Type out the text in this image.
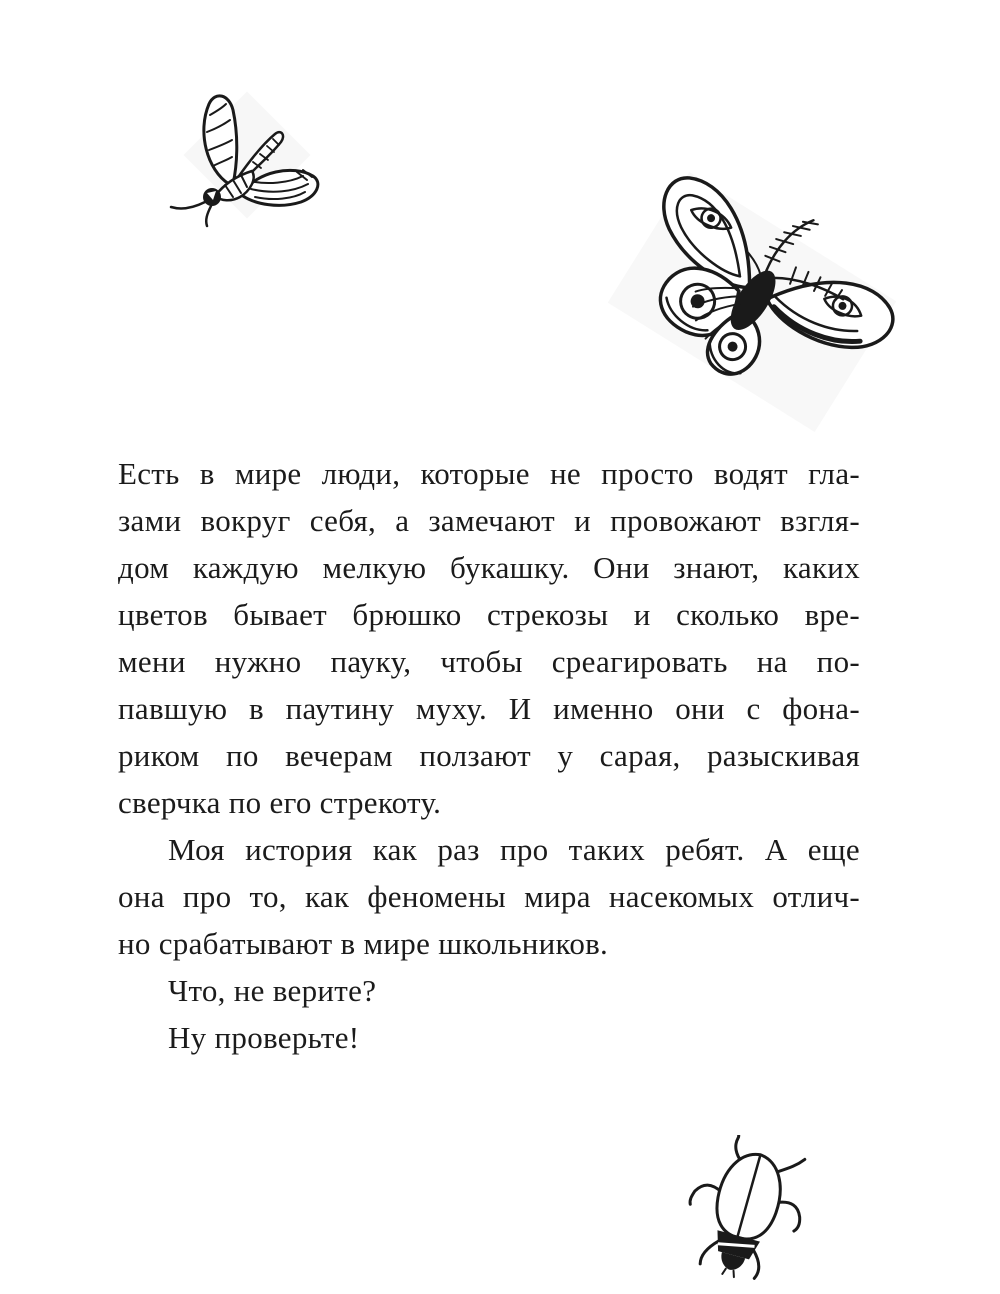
Есть в мире люди, которые не просто водят гла-
зами вокруг себя, а замечают и провожают взгля-
дом каждую мелкую букашку. Они знают, каких
цветов бывает брюшко стрекозы и сколько вре-
мени нужно пауку, чтобы среагировать на по-
павшую в паутину муху. И именно они с фона-
риком по вечерам ползают у сарая, разыскивая
сверчка по его стрекоту.
Моя история как раз про таких ребят. А еще
она про то, как феномены мира насекомых отлич-
но срабатывают в мире школьников.
Что, не верите?
Ну проверьте!
